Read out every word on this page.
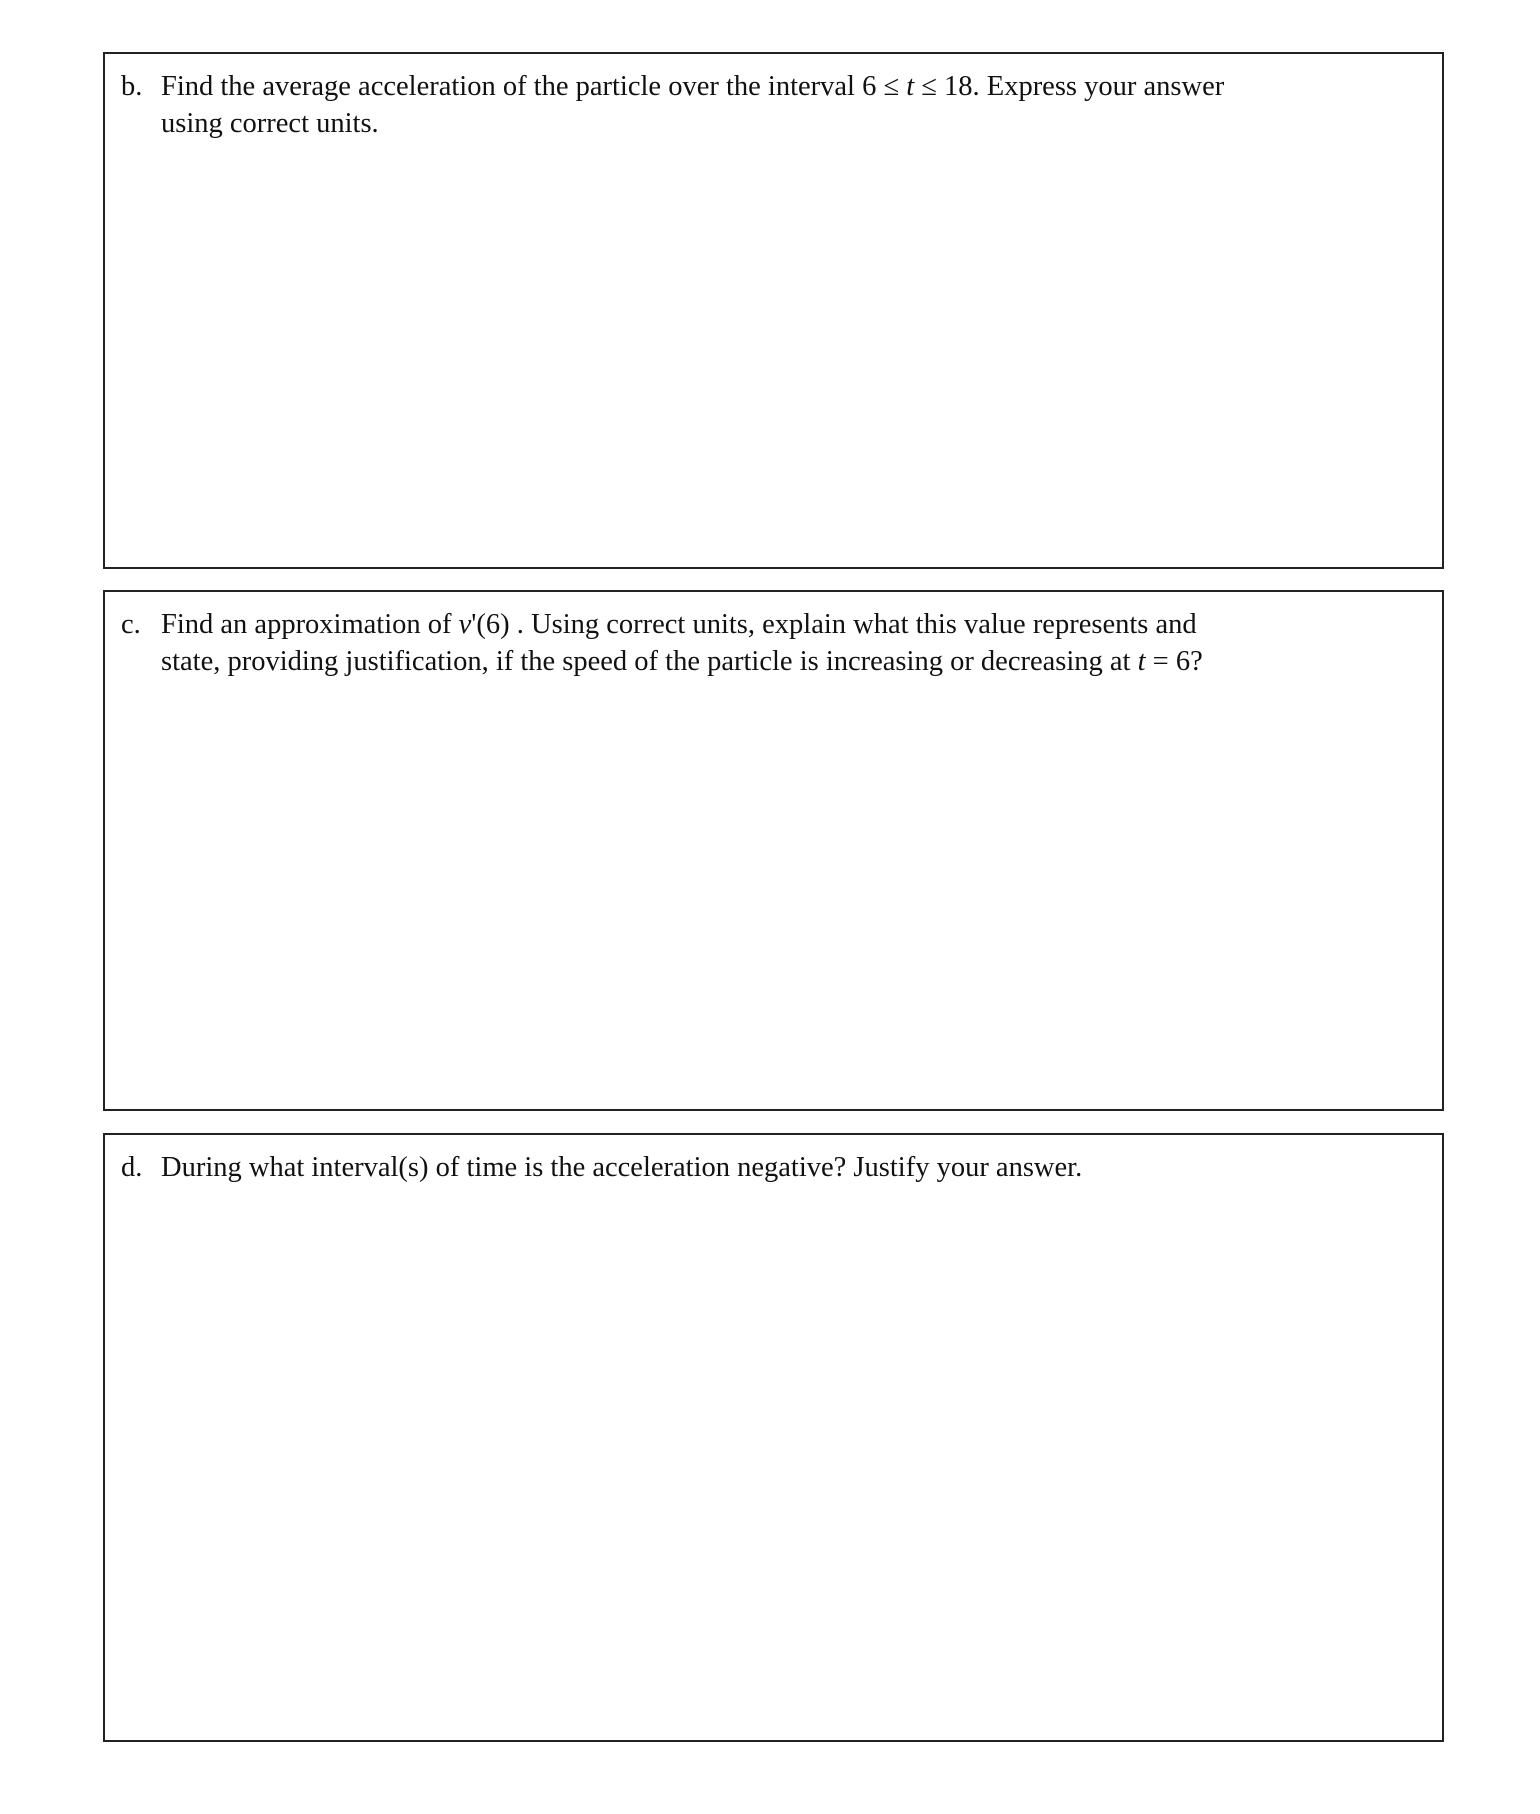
b. Find the average acceleration of the particle over the interval 6 ≤ t ≤ 18. Express your answer
using correct units.
c. Find an approximation of v'(6) . Using correct units, explain what this value represents and
state, providing justification, if the speed of the particle is increasing or decreasing at t = 6?
d. During what interval(s) of time is the acceleration negative? Justify your answer.
